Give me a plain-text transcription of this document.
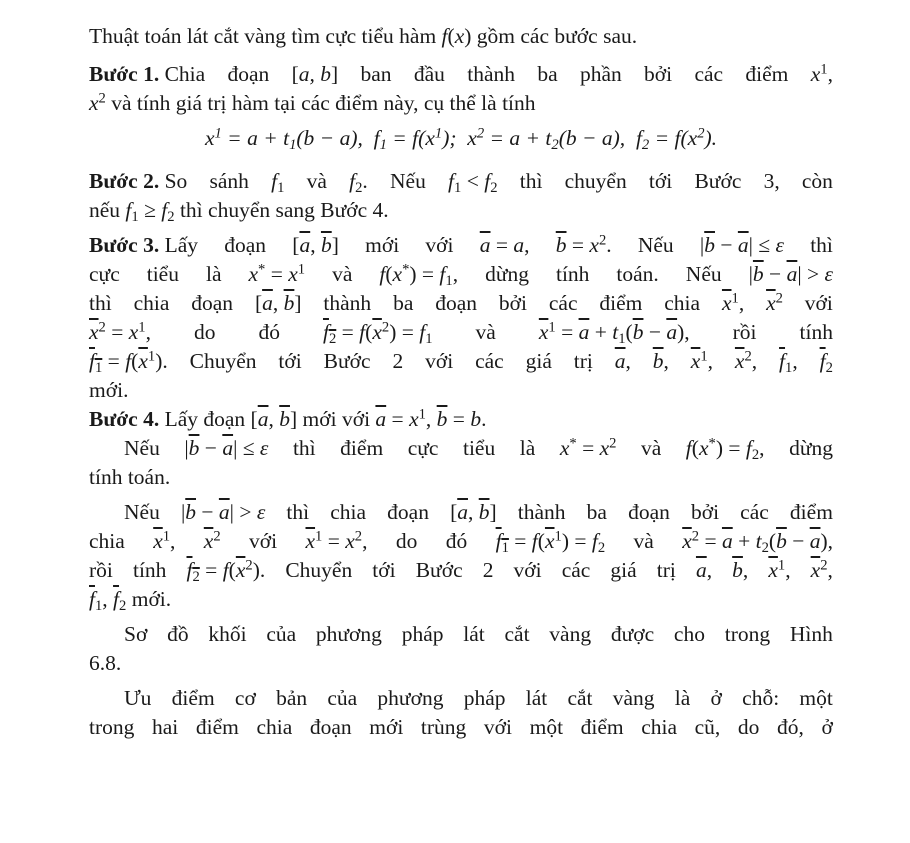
Thuật toán lát cắt vàng tìm cực tiểu hàm f(x) gồm các bước sau.
Bước 1. Chia đoạn [a, b] ban đầu thành ba phần bởi các điểm $x^1$,
$x^2$ và tính giá trị hàm tại các điểm này, cụ thể là tính
$x^1 = a + t_1(b - a)$,  $f_1 = f(x^1)$;  $x^2 = a + t_2(b - a)$,  $f_2 = f(x^2)$.
Bước 2. So sánh $f_1$ và $f_2$. Nếu $f_1 < f_2$ thì chuyển tới Bước 3, còn
nếu $f_1 \ge f_2$ thì chuyển sang Bước 4.
Bước 3. Lấy đoạn [$\overline{a}$, $\overline{b}$] mới với $\overline{a} = a$, $\overline{b} = x^2$. Nếu $|\overline{b} - \overline{a}| \le \varepsilon$ thì
cực tiểu là $x^* = x^1$ và $f(x^*) = f_1$, dừng tính toán. Nếu $|\overline{b} - \overline{a}| > \varepsilon$
thì chia đoạn [$\overline{a}$, $\overline{b}$] thành ba đoạn bởi các điểm chia $\overline{x}^1$, $\overline{x}^2$ với
$\overline{x}^2 = x^1$, do đó $f_2 = f(\overline{x}^2) = f_1$ và $\overline{x}^1 = \overline{a} + t_1(\overline{b} - \overline{a})$, rồi tính
$f_1 = f(\overline{x}^1)$. Chuyển tới Bước 2 với các giá trị $\overline{a}$, $\overline{b}$, $\overline{x}^1$, $\overline{x}^2$, $\overline{f}_1$, $\overline{f}_2$
mới.
Bước 4. Lấy đoạn [$\overline{a}$, $\overline{b}$] mới với $\overline{a} = x^1$, $\overline{b} = b$.
Nếu $|\overline{b} - \overline{a}| \le \varepsilon$ thì điểm cực tiểu là $x^* = x^2$ và $f(x^*) = f_2$, dừng
tính toán.
Nếu $|\overline{b} - \overline{a}| > \varepsilon$ thì chia đoạn [$\overline{a}$, $\overline{b}$] thành ba đoạn bởi các điểm
chia $\overline{x}^1$, $\overline{x}^2$ với $\overline{x}^1 = x^2$, do đó $f_1 = f(\overline{x}^1) = f_2$ và $\overline{x}^2 = \overline{a} + t_2(\overline{b} - \overline{a})$,
rồi tính $f_2 = f(\overline{x}^2)$. Chuyển tới Bước 2 với các giá trị $\overline{a}$, $\overline{b}$, $\overline{x}^1$, $\overline{x}^2$,
$\overline{f}_1$, $\overline{f}_2$ mới.
Sơ đồ khối của phương pháp lát cắt vàng được cho trong Hình
6.8.
Ưu điểm cơ bản của phương pháp lát cắt vàng là ở chỗ: một
trong hai điểm chia đoạn mới trùng với một điểm chia cũ, do đó, ở
